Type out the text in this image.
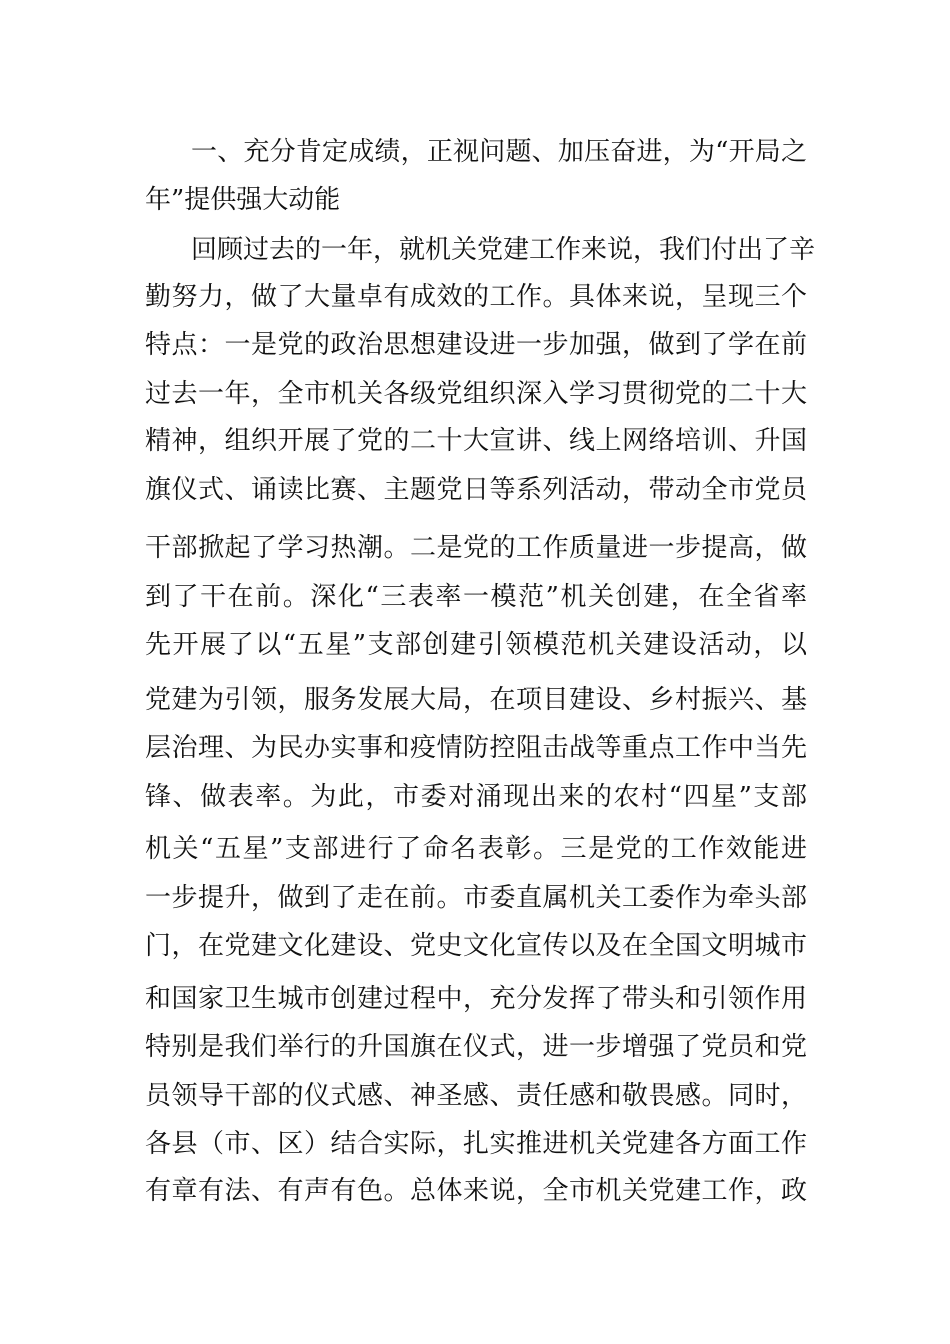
一、充分肯定成绩，正视问题、加压奋进，为“开局之
年”提供强大动能
回顾过去的一年，就机关党建工作来说，我们付出了辛
勤努力，做了大量卓有成效的工作。具体来说，呈现三个
特点：一是党的政治思想建设进一步加强，做到了学在前
过去一年，全市机关各级党组织深入学习贯彻党的二十大
精神，组织开展了党的二十大宣讲、线上网络培训、升国
旗仪式、诵读比赛、主题党日等系列活动，带动全市党员
干部掀起了学习热潮。二是党的工作质量进一步提高，做
到了干在前。深化“三表率一模范”机关创建，在全省率
先开展了以“五星”支部创建引领模范机关建设活动，以
党建为引领，服务发展大局，在项目建设、乡村振兴、基
层治理、为民办实事和疫情防控阻击战等重点工作中当先
锋、做表率。为此，市委对涌现出来的农村“四星”支部
机关“五星”支部进行了命名表彰。三是党的工作效能进
一步提升，做到了走在前。市委直属机关工委作为牵头部
门，在党建文化建设、党史文化宣传以及在全国文明城市
和国家卫生城市创建过程中，充分发挥了带头和引领作用
特别是我们举行的升国旗在仪式，进一步增强了党员和党
员领导干部的仪式感、神圣感、责任感和敬畏感。同时，
各县（市、区）结合实际，扎实推进机关党建各方面工作
有章有法、有声有色。总体来说，全市机关党建工作，政
